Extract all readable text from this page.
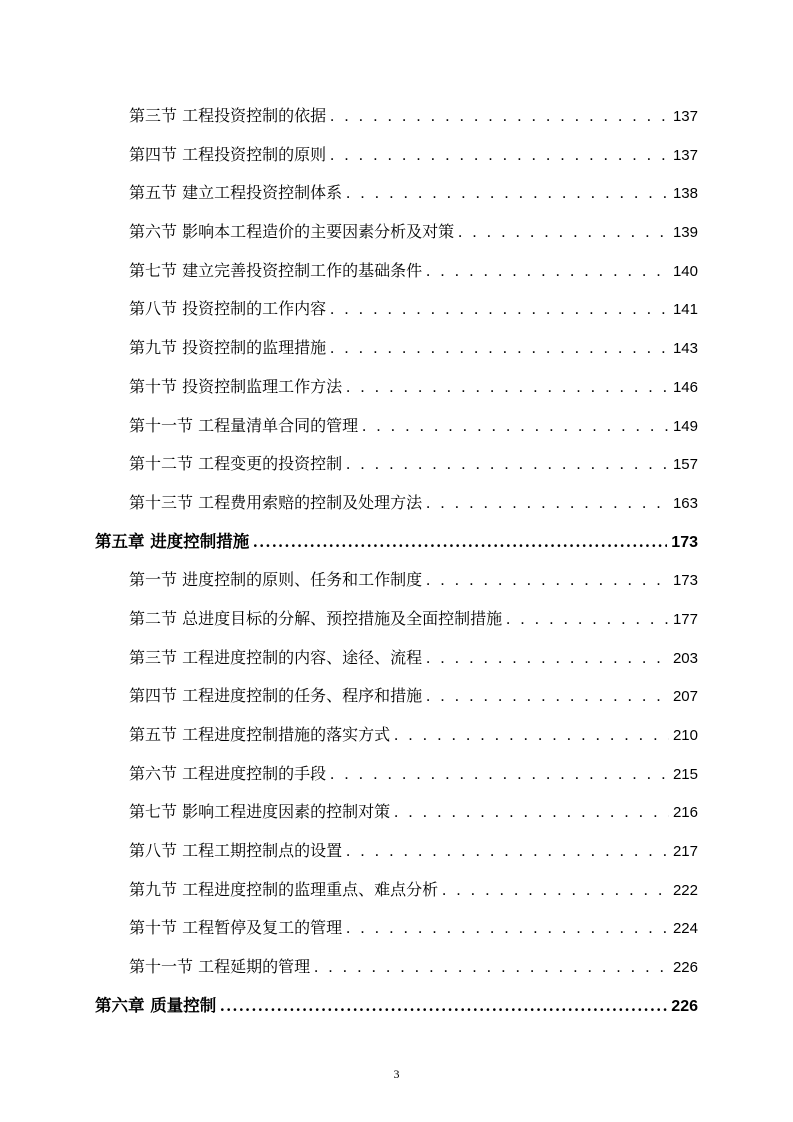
第三节 工程投资控制的依据 . . .	137
第四节 工程投资控制的原则 . . .	137
第五节 建立工程投资控制体系 . . .	138
第六节 影响本工程造价的主要因素分析及对策 . . .	139
第七节 建立完善投资控制工作的基础条件 . . .	140
第八节 投资控制的工作内容 . . .	141
第九节 投资控制的监理措施 . . .	143
第十节 投资控制监理工作方法 . . .	146
第十一节 工程量清单合同的管理 . . .	149
第十二节 工程变更的投资控制 . . .	157
第十三节 工程费用索赔的控制及处理方法 . . .	163
第五章 进度控制措施 .....	173
第一节 进度控制的原则、任务和工作制度 . . .	173
第二节 总进度目标的分解、预控措施及全面控制措施 . . .	177
第三节 工程进度控制的内容、途径、流程 . . .	203
第四节 工程进度控制的任务、程序和措施 . . .	207
第五节 工程进度控制措施的落实方式 . . .	210
第六节 工程进度控制的手段 . . .	215
第七节 影响工程进度因素的控制对策 . . .	216
第八节 工程工期控制点的设置 . . .	217
第九节 工程进度控制的监理重点、难点分析 . . .	222
第十节 工程暂停及复工的管理 . . .	224
第十一节 工程延期的管理 . . .	226
第六章 质量控制 .....	226
3
